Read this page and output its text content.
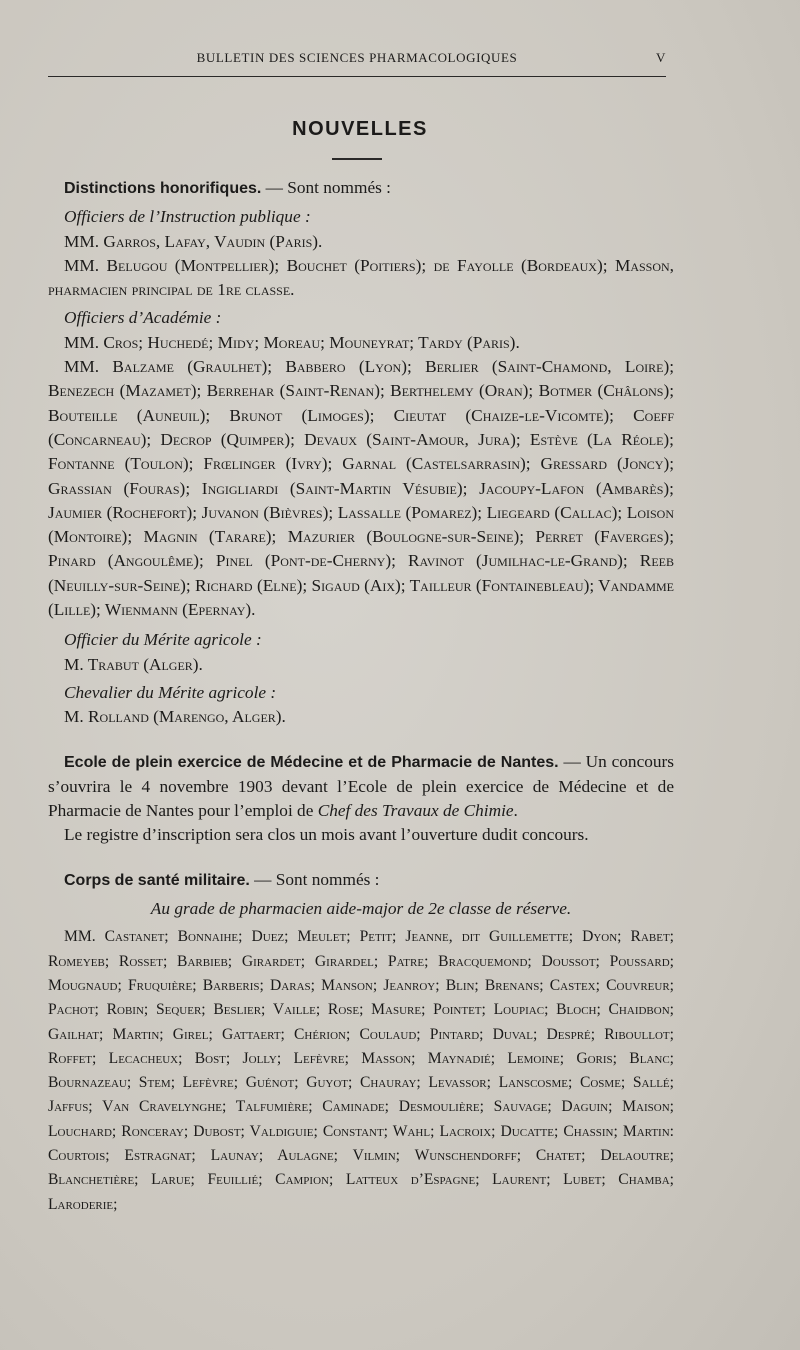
BULLETIN DES SCIENCES PHARMACOLOGIQUES	V
NOUVELLES

Distinctions honorifiques. — Sont nommés :

Officiers de l’Instruction publique :

MM. Garros, Lafay, Vaudin (Paris).

MM. Belugou (Montpellier); Bouchet (Poitiers); de Fayolle (Bordeaux); Masson, pharmacien principal de 1re classe.

Officiers d’Académie :

MM. Cros; Huchedé; Midy; Moreau; Mouneyrat; Tardy (Paris).

MM. Balzame (Graulhet); Babbero (Lyon); Berlier (Saint-Chamond, Loire); Benezech (Mazamet); Berrehar (Saint-Renan); Berthelemy (Oran); Botmer (Châlons); Bouteille (Auneuil); Brunot (Limoges); Cieutat (Chaize-le-Vicomte); Coeff (Concarneau); Decrop (Quimper); Devaux (Saint-Amour, Jura); Estève (La Réole); Fontanne (Toulon); Frœlinger (Ivry); Garnal (Castelsarrasin); Gressard (Joncy); Grassian (Fouras); Ingigliardi (Saint-Martin Vésubie); Jacoupy-Lafon (Ambarès); Jaumier (Rochefort); Juvanon (Bièvres); Lassalle (Pomarez); Liegeard (Callac); Loison (Montoire); Magnin (Tarare); Mazurier (Boulogne-sur-Seine); Perret (Faverges); Pinard (Angoulême); Pinel (Pont-de-Cherny); Ravinot (Jumilhac-le-Grand); Reeb (Neuilly-sur-Seine); Richard (Elne); Sigaud (Aix); Tailleur (Fontainebleau); Vandamme (Lille); Wienmann (Epernay).

Officier du Mérite agricole :

M. Trabut (Alger).

Chevalier du Mérite agricole :

M. Rolland (Marengo, Alger).

Ecole de plein exercice de Médecine et de Pharmacie de Nantes. — Un concours s’ouvrira le 4 novembre 1903 devant l’Ecole de plein exercice de Médecine et de Pharmacie de Nantes pour l’emploi de Chef des Travaux de Chimie.

Le registre d’inscription sera clos un mois avant l’ouverture dudit concours.

Corps de santé militaire. — Sont nommés :

Au grade de pharmacien aide-major de 2e classe de réserve.

MM. Castanet; Bonnaihe; Duez; Meulet; Petit; Jeanne, dit Guillemette; Dyon; Rabet; Romeyeb; Rosset; Barbieb; Girardet; Girardel; Patre; Bracquemond; Doussot; Poussard; Mougnaud; Fruquière; Barberis; Daras; Manson; Jeanroy; Blin; Brenans; Castex; Couvreur; Pachot; Robin; Sequer; Beslier; Vaille; Rose; Masure; Pointet; Loupiac; Bloch; Chaidbon; Gailhat; Martin; Girel; Gattaert; Chérion; Coulaud; Pintard; Duval; Despré; Riboullot; Roffet; Lecacheux; Bost; Jolly; Lefèvre; Masson; Maynadié; Lemoine; Goris; Blanc; Bournazeau; Stem; Lefèvre; Guénot; Guyot; Chauray; Levassor; Lanscosme; Cosme; Sallé; Jaffus; Van Cravelynghe; Talfumière; Caminade; Desmoulière; Sauvage; Daguin; Maison; Louchard; Ronceray; Dubost; Valdiguie; Constant; Wahl; Lacroix; Ducatte; Chassin; Martin: Courtois; Estragnat; Launay; Aulagne; Vilmin; Wunschendorff; Chatet; Delaoutre; Blanchetière; Larue; Feuillié; Campion; Latteux d’Espagne; Laurent; Lubet; Chamba; Laroderie;
